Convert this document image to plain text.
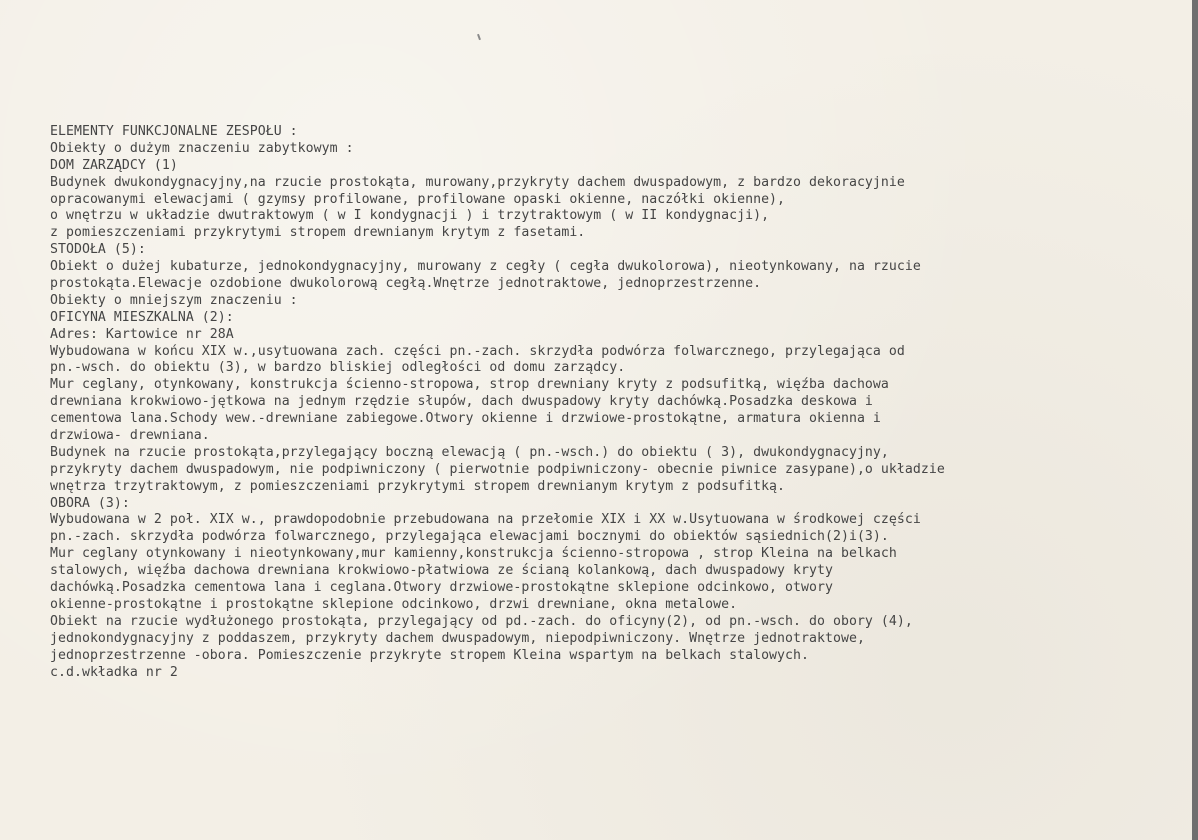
ELEMENTY FUNKCJONALNE ZESPOŁU :
Obiekty o dużym znaczeniu zabytkowym :
DOM ZARZĄDCY (1)
Budynek dwukondygnacyjny,na rzucie prostokąta, murowany,przykryty dachem dwuspadowym, z bardzo dekoracyjnie
opracowanymi elewacjami ( gzymsy profilowane, profilowane opaski okienne, naczółki okienne),
o wnętrzu w układzie dwutraktowym ( w I kondygnacji ) i trzytraktowym ( w II kondygnacji),
z pomieszczeniami przykrytymi stropem drewnianym krytym z fasetami.
STODOŁA (5):
Obiekt o dużej kubaturze, jednokondygnacyjny, murowany z cegły ( cegła dwukolorowa), nieotynkowany, na rzucie
prostokąta.Elewacje ozdobione dwukolorową cegłą.Wnętrze jednotraktowe, jednoprzestrzenne.
Obiekty o mniejszym znaczeniu :
OFICYNA MIESZKALNA (2):
Adres: Kartowice nr 28A
Wybudowana w końcu XIX w.,usytuowana zach. części pn.-zach. skrzydła podwórza folwarcznego, przylegająca od
pn.-wsch. do obiektu (3), w bardzo bliskiej odległości od domu zarządcy.
Mur ceglany, otynkowany, konstrukcja ścienno-stropowa, strop drewniany kryty z podsufitką, więźba dachowa
drewniana krokwiowo-jętkowa na jednym rzędzie słupów, dach dwuspadowy kryty dachówką.Posadzka deskowa i
cementowa lana.Schody wew.-drewniane zabiegowe.Otwory okienne i drzwiowe-prostokątne, armatura okienna i
drzwiowa- drewniana.
Budynek na rzucie prostokąta,przylegający boczną elewacją ( pn.-wsch.) do obiektu ( 3), dwukondygnacyjny,
przykryty dachem dwuspadowym, nie podpiwniczony ( pierwotnie podpiwniczony- obecnie piwnice zasypane),o układzie
wnętrza trzytraktowym, z pomieszczeniami przykrytymi stropem drewnianym krytym z podsufitką.
OBORA (3):
Wybudowana w 2 poł. XIX w., prawdopodobnie przebudowana na przełomie XIX i XX w.Usytuowana w środkowej części
pn.-zach. skrzydła podwórza folwarcznego, przylegająca elewacjami bocznymi do obiektów sąsiednich(2)i(3).
Mur ceglany otynkowany i nieotynkowany,mur kamienny,konstrukcja ścienno-stropowa , strop Kleina na belkach
stalowych, więźba dachowa drewniana krokwiowo-płatwiowa ze ścianą kolankową, dach dwuspadowy kryty
dachówką.Posadzka cementowa lana i ceglana.Otwory drzwiowe-prostokątne sklepione odcinkowo, otwory
okienne-prostokątne i prostokątne sklepione odcinkowo, drzwi drewniane, okna metalowe.
Obiekt na rzucie wydłużonego prostokąta, przylegający od pd.-zach. do oficyny(2), od pn.-wsch. do obory (4),
jednokondygnacyjny z poddaszem, przykryty dachem dwuspadowym, niepodpiwniczony. Wnętrze jednotraktowe,
jednoprzestrzenne -obora. Pomieszczenie przykryte stropem Kleina wspartym na belkach stalowych.
c.d.wkładka nr 2
